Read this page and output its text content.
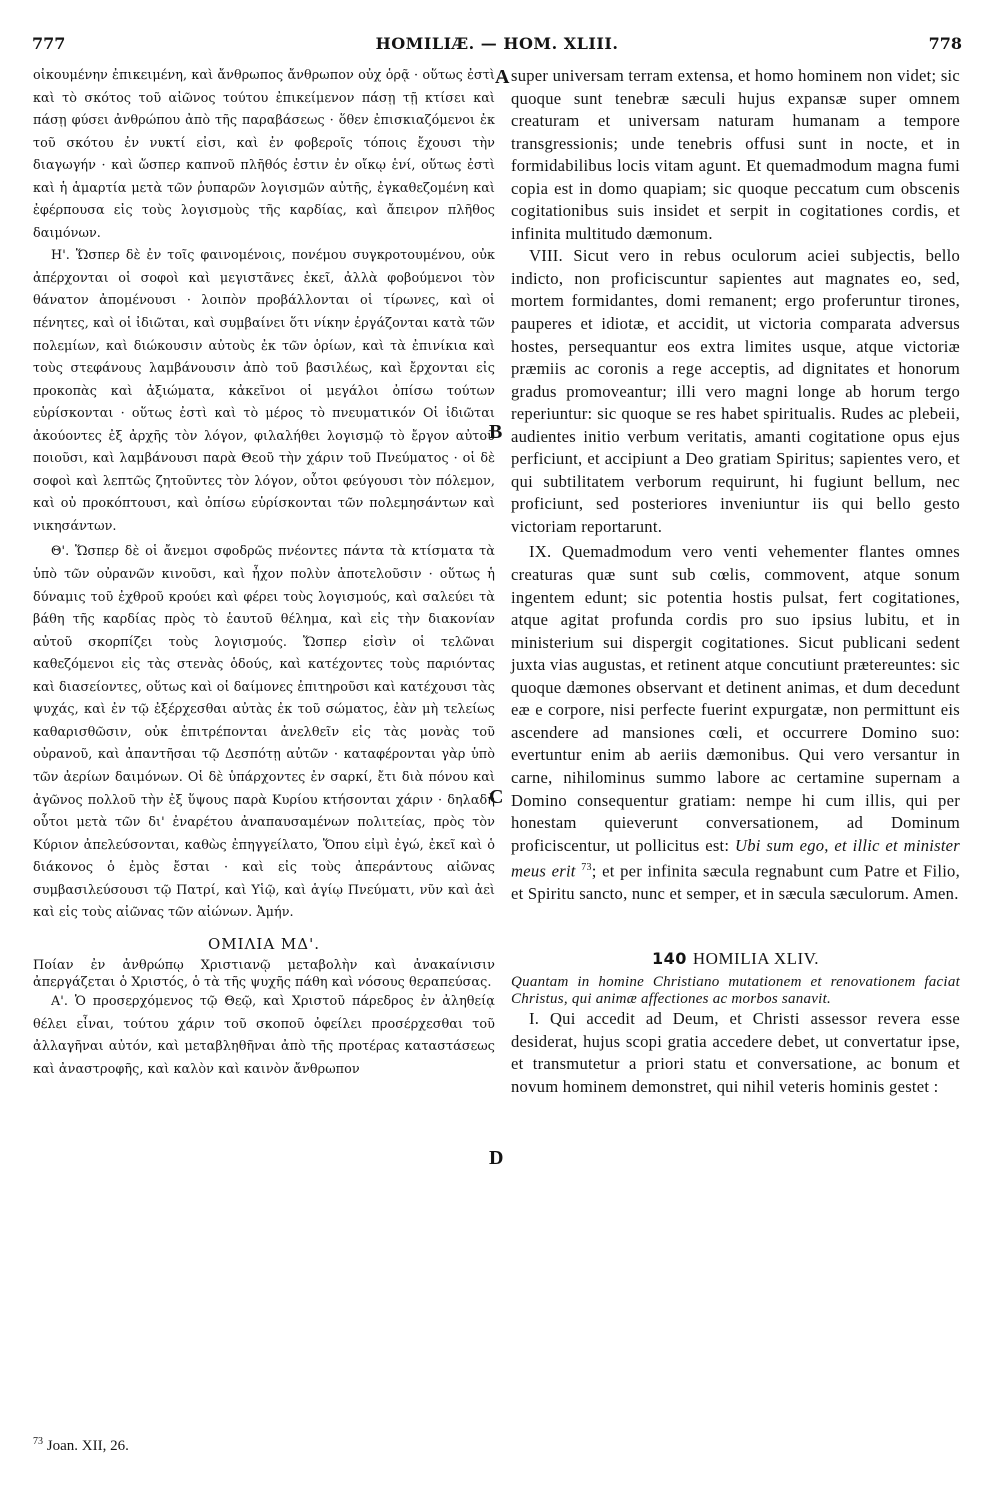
777	HOMILIÆ. — HOM. XLIII.	778
A
B
C
D

οἰκουμένην ἐπικειμένη, καὶ ἄνθρωπος ἄνθρωπον οὐχ ὁρᾷ · οὕτως ἐστὶ καὶ τὸ σκότος τοῦ αἰῶνος τούτου ἐπικείμενον πάσῃ τῇ κτίσει καὶ πάσῃ φύσει ἀνθρώπου ἀπὸ τῆς παραβάσεως · ὅθεν ἐπισκιαζόμενοι ἐκ τοῦ σκότου ἐν νυκτί εἰσι, καὶ ἐν φοβεροῖς τόποις ἔχουσι τὴν διαγωγήν · καὶ ὥσπερ καπνοῦ πλῆθός ἐστιν ἐν οἴκῳ ἑνί, οὕτως ἐστὶ καὶ ἡ ἁμαρτία μετὰ τῶν ῥυπαρῶν λογισμῶν αὐτῆς, ἐγκαθεζομένη καὶ ἐφέρπουσα εἰς τοὺς λογισμοὺς τῆς καρδίας, καὶ ἄπειρον πλῆθος δαιμόνων.

Η'. Ὥσπερ δὲ ἐν τοῖς φαινομένοις, πονέμου συγκροτουμένου, οὐκ ἀπέρχονται οἱ σοφοὶ καὶ μεγιστᾶνες ἐκεῖ, ἀλλὰ φοβούμενοι τὸν θάνατον ἀπομένουσι · λοιπὸν προβάλλονται οἱ τίρωνες, καὶ οἱ πένητες, καὶ οἱ ἰδιῶται, καὶ συμβαίνει ὅτι νίκην ἐργάζονται κατὰ τῶν πολεμίων, καὶ διώκουσιν αὐτοὺς ἐκ τῶν ὁρίων, καὶ τὰ ἐπινίκια καὶ τοὺς στεφάνους λαμβάνουσιν ἀπὸ τοῦ βασιλέως, καὶ ἔρχονται εἰς προκοπὰς καὶ ἀξιώματα, κἀκεῖνοι οἱ μεγάλοι ὀπίσω τούτων εὑρίσκονται · οὕτως ἐστὶ καὶ τὸ μέρος τὸ πνευματικόν Οἱ ἰδιῶται ἀκούοντες ἐξ ἀρχῆς τὸν λόγον, φιλαλήθει λογισμῷ τὸ ἔργον αὐτοῦ ποιοῦσι, καὶ λαμβάνουσι παρὰ Θεοῦ τὴν χάριν τοῦ Πνεύματος · οἱ δὲ σοφοὶ καὶ λεπτῶς ζητοῦντες τὸν λόγον, οὗτοι φεύγουσι τὸν πόλεμον, καὶ οὐ προκόπτουσι, καὶ ὀπίσω εὑρίσκονται τῶν πολεμησάντων καὶ νικησάντων.

Θ'. Ὥσπερ δὲ οἱ ἄνεμοι σφοδρῶς πνέοντες πάντα τὰ κτίσματα τὰ ὑπὸ τῶν οὐρανῶν κινοῦσι, καὶ ἦχον πολὺν ἀποτελοῦσιν · οὕτως ἡ δύναμις τοῦ ἐχθροῦ κρούει καὶ φέρει τοὺς λογισμούς, καὶ σαλεύει τὰ βάθη τῆς καρδίας πρὸς τὸ ἑαυτοῦ θέλημα, καὶ εἰς τὴν διακονίαν αὐτοῦ σκορπίζει τοὺς λογισμούς. Ὥσπερ εἰσὶν οἱ τελῶναι καθεζόμενοι εἰς τὰς στενὰς ὁδούς, καὶ κατέχοντες τοὺς παριόντας καὶ διασείοντες, οὕτως καὶ οἱ δαίμονες ἐπιτηροῦσι καὶ κατέχουσι τὰς ψυχάς, καὶ ἐν τῷ ἐξέρχεσθαι αὐτὰς ἐκ τοῦ σώματος, ἐὰν μὴ τελείως καθαρισθῶσιν, οὐκ ἐπιτρέπονται ἀνελθεῖν εἰς τὰς μονὰς τοῦ οὐρανοῦ, καὶ ἀπαντῆσαι τῷ Δεσπότῃ αὐτῶν · καταφέρονται γὰρ ὑπὸ τῶν ἀερίων δαιμόνων. Οἱ δὲ ὑπάρχοντες ἐν σαρκί, ἔτι διὰ πόνου καὶ ἀγῶνος πολλοῦ τὴν ἐξ ὕψους παρὰ Κυρίου κτήσονται χάριν · δηλαδὴ οὗτοι μετὰ τῶν δι' ἐναρέτου ἀναπαυσαμένων πολιτείας, πρὸς τὸν Κύριον ἀπελεύσονται, καθὼς ἐπηγγείλατο, Ὅπου εἰμὶ ἐγώ, ἐκεῖ καὶ ὁ διάκονος ὁ ἐμὸς ἔσται · καὶ εἰς τοὺς ἀπεράντους αἰῶνας συμβασιλεύσουσι τῷ Πατρί, καὶ Υἱῷ, καὶ ἁγίῳ Πνεύματι, νῦν καὶ ἀεὶ καὶ εἰς τοὺς αἰῶνας τῶν αἰώνων. Ἀμήν.

ΟΜΙΛΙΑ ΜΔ'.

Ποίαν ἐν ἀνθρώπῳ Χριστιανῷ μεταβολὴν καὶ ἀνακαίνισιν ἀπεργάζεται ὁ Χριστός, ὁ τὰ τῆς ψυχῆς πάθη καὶ νόσους θεραπεύσας.

Α'. Ὁ προσερχόμενος τῷ Θεῷ, καὶ Χριστοῦ πάρεδρος ἐν ἀληθείᾳ θέλει εἶναι, τούτου χάριν τοῦ σκοποῦ ὀφείλει προσέρχεσθαι τοῦ ἀλλαγῆναι αὐτόν, καὶ μεταβληθῆναι ἀπὸ τῆς προτέρας καταστάσεως καὶ ἀναστροφῆς, καὶ καλὸν καὶ καινὸν ἄνθρωπον

super universam terram extensa, et homo hominem non videt; sic quoque sunt tenebræ sæculi hujus expansæ super omnem creaturam et universam naturam humanam a tempore transgressionis; unde tenebris offusi sunt in nocte, et in formidabilibus locis vitam agunt. Et quemadmodum magna fumi copia est in domo quapiam; sic quoque peccatum cum obscenis cogitationibus suis insidet et serpit in cogitationes cordis, et infinita multitudo dæmonum.

VIII. Sicut vero in rebus oculorum aciei subjectis, bello indicto, non proficiscuntur sapientes aut magnates eo, sed, mortem formidantes, domi remanent; ergo proferuntur tirones, pauperes et idiotæ, et accidit, ut victoria comparata adversus hostes, persequantur eos extra limites usque, atque victoriæ præmiis ac coronis a rege acceptis, ad dignitates et honorum gradus promoveantur; illi vero magni longe ab horum tergo reperiuntur: sic quoque se res habet spiritualis. Rudes ac plebeii, audientes initio verbum veritatis, amanti cogitatione opus ejus perficiunt, et accipiunt a Deo gratiam Spiritus; sapientes vero, et qui subtilitatem verborum requirunt, hi fugiunt bellum, nec proficiunt, sed posteriores inveniuntur iis qui bello gesto victoriam reportarunt.

IX. Quemadmodum vero venti vehementer flantes omnes creaturas quæ sunt sub cœlis, commovent, atque sonum ingentem edunt; sic potentia hostis pulsat, fert cogitationes, atque agitat profunda cordis pro suo ipsius lubitu, et in ministerium sui dispergit cogitationes. Sicut publicani sedent juxta vias augustas, et retinent atque concutiunt prætereuntes: sic quoque dæmones observant et detinent animas, et dum decedunt eæ e corpore, nisi perfecte fuerint expurgatæ, non permittunt eis ascendere ad mansiones cœli, et occurrere Domino suo: evertuntur enim ab aeriis dæmonibus. Qui vero versantur in carne, nihilominus summo labore ac certamine supernam a Domino consequentur gratiam: nempe hi cum illis, qui per honestam quieverunt conversationem, ad Dominum proficiscentur, ut pollicitus est: Ubi sum ego, et illic et minister meus erit $^{73}$; et per infinita sæcula regnabunt cum Patre et Filio, et Spiritu sancto, nunc et semper, et in sæcula sæculorum. Amen.

140 HOMILIA XLIV.

Quantam in homine Christiano mutationem et renovationem faciat Christus, qui animæ affectiones ac morbos sanavit.

I. Qui accedit ad Deum, et Christi assessor revera esse desiderat, hujus scopi gratia accedere debet, ut convertatur ipse, et transmutetur a priori statu et conversatione, ac bonum et novum hominem demonstret, qui nihil veteris hominis gestet :

$^{73}$ Joan. XII, 26.
